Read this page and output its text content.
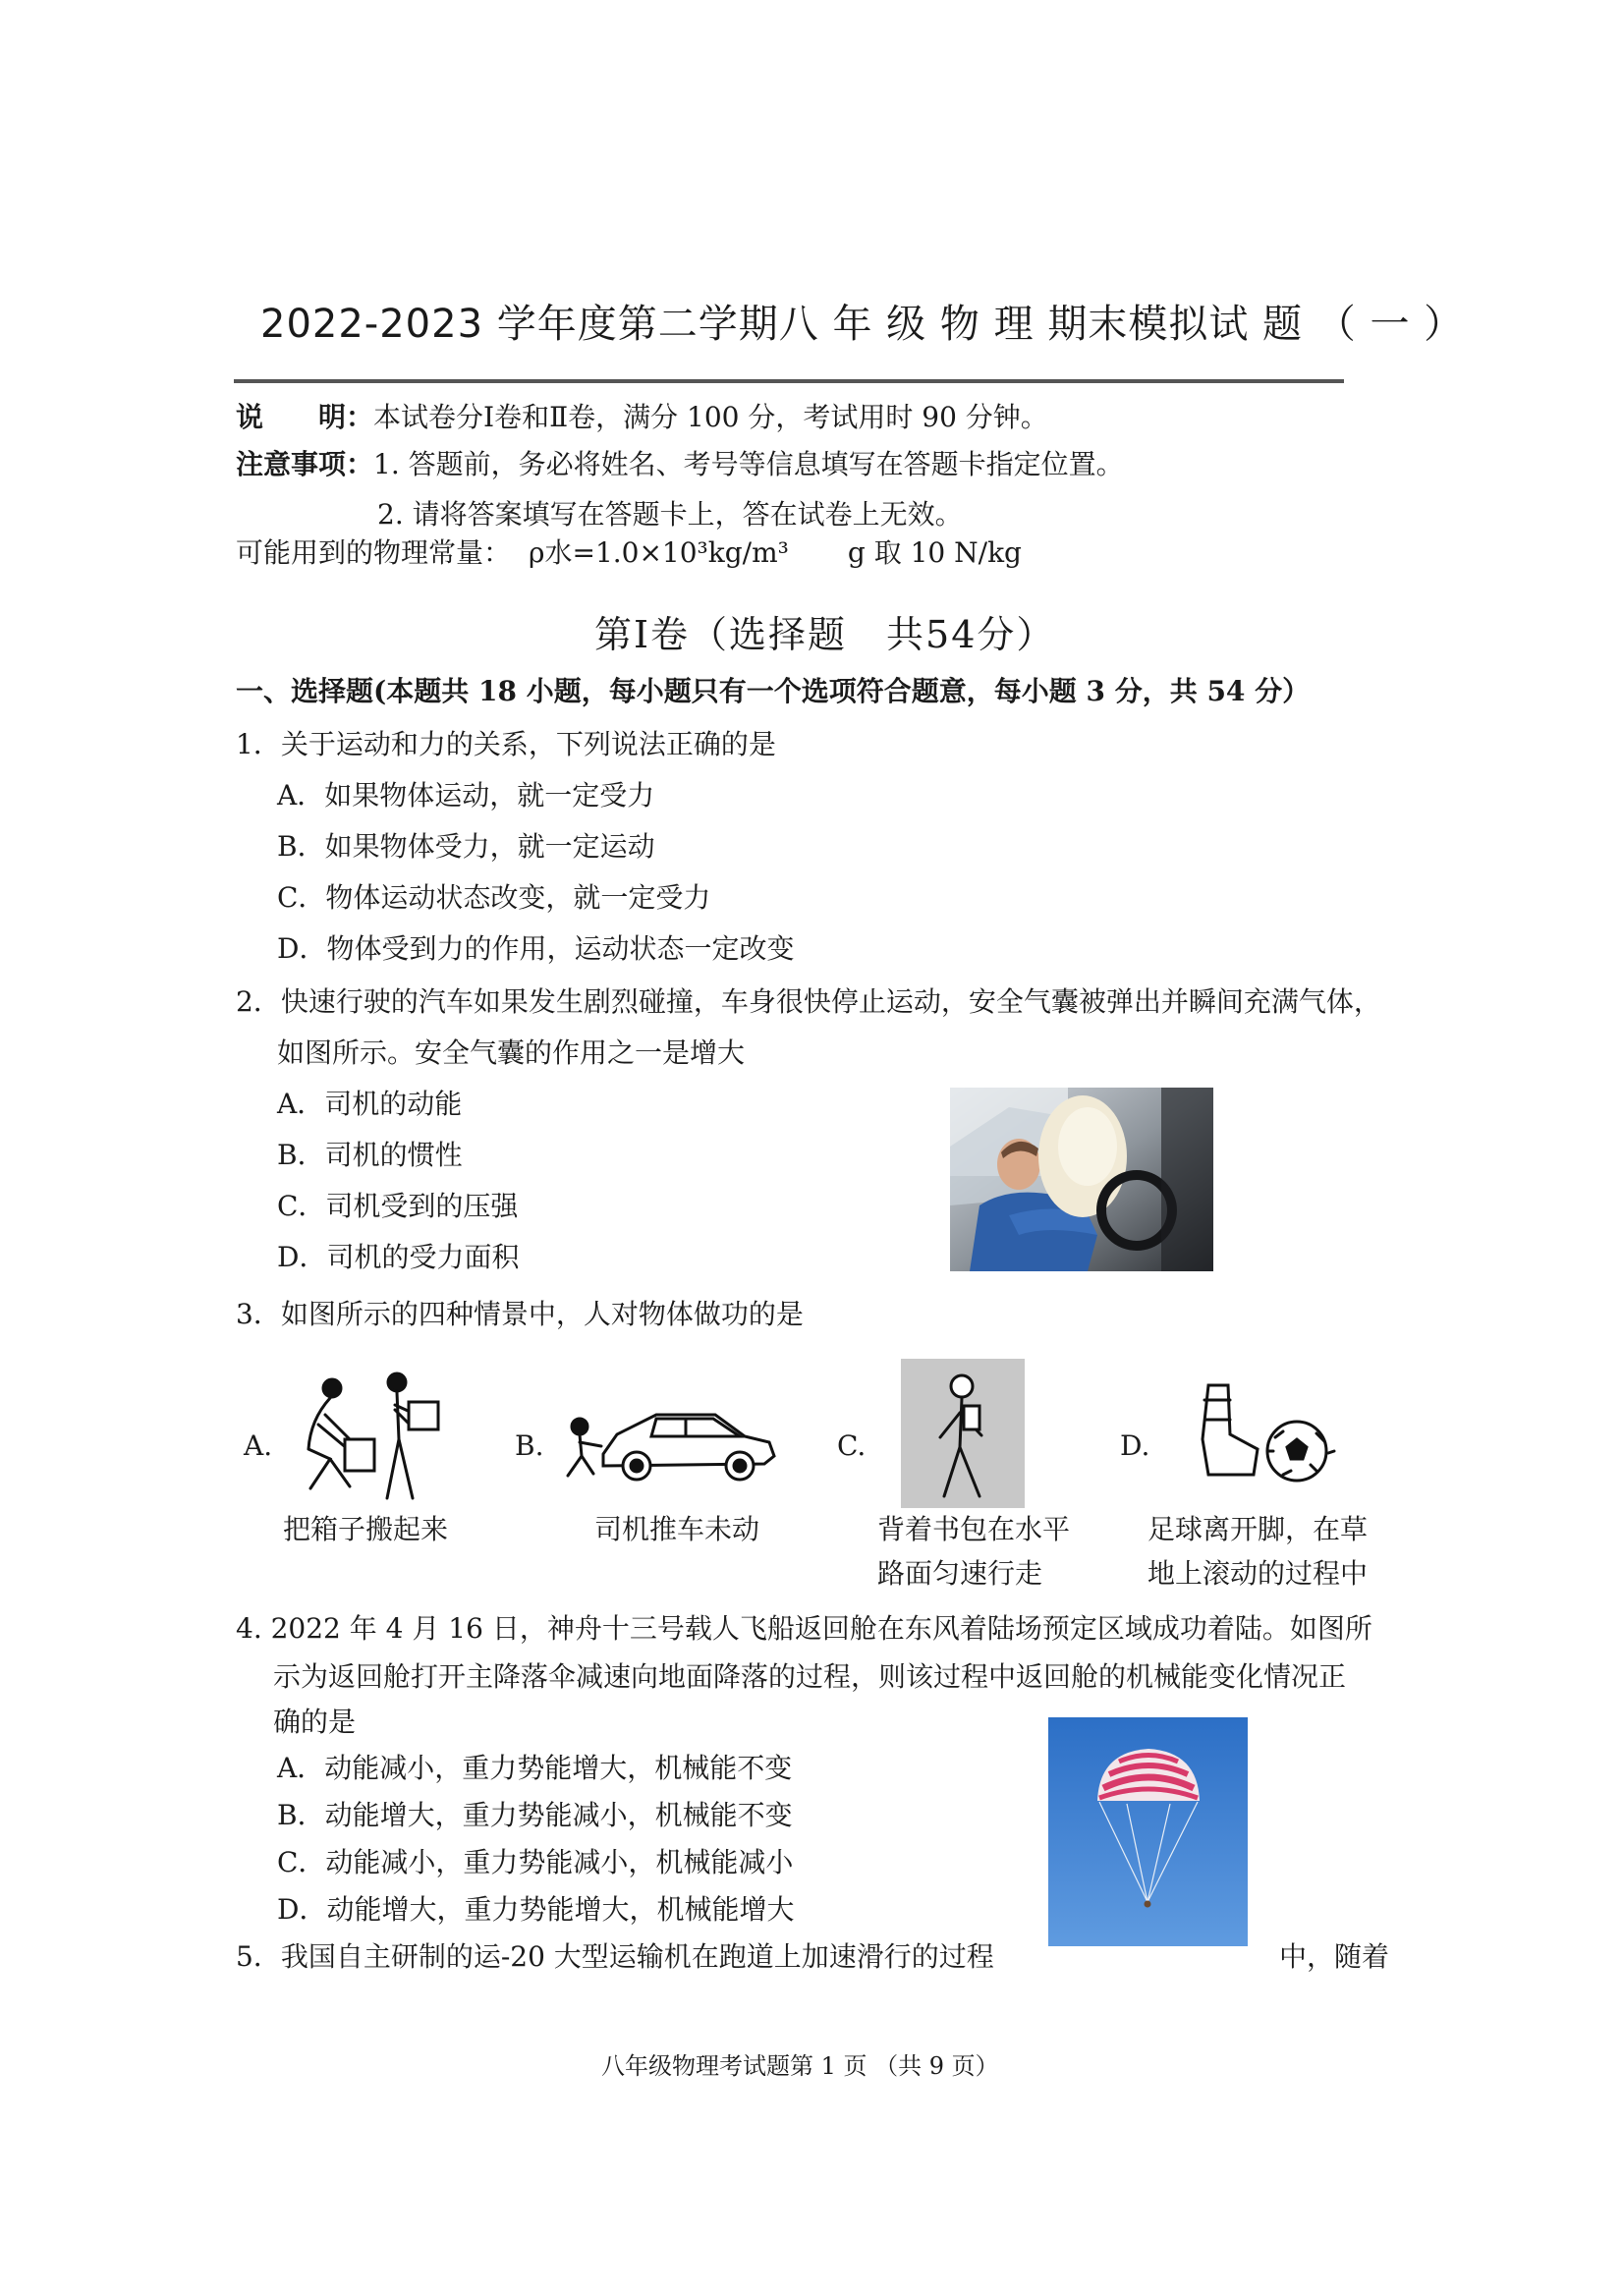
2022-2023 学年度第二学期八 年 级 物 理 期末模拟试 题 （ 一 ）
说　　明：本试卷分Ⅰ卷和Ⅱ卷，满分 100 分，考试用时 90 分钟。
注意事项：1. 答题前，务必将姓名、考号等信息填写在答题卡指定位置。
2. 请将答案填写在答题卡上，答在试卷上无效。
可能用到的物理常量： ρ水=1.0×10³kg/m³ g 取 10 N/kg
第Ⅰ卷（选择题　共54分）
一、选择题(本题共 18 小题，每小题只有一个选项符合题意，每小题 3 分，共 54 分）
1．关于运动和力的关系，下列说法正确的是
A．如果物体运动，就一定受力
B．如果物体受力，就一定运动
C．物体运动状态改变，就一定受力
D．物体受到力的作用，运动状态一定改变
2．快速行驶的汽车如果发生剧烈碰撞，车身很快停止运动，安全气囊被弹出并瞬间充满气体，
如图所示。安全气囊的作用之一是增大
A．司机的动能
B．司机的惯性
C．司机受到的压强
D．司机的受力面积
3．如图所示的四种情景中，人对物体做功的是
A.
把箱子搬起来
B.
司机推车未动
C.
背着书包在水平
路面匀速行走
D.
足球离开脚，在草
地上滚动的过程中
4. 2022 年 4 月 16 日，神舟十三号载人飞船返回舱在东风着陆场预定区域成功着陆。如图所
示为返回舱打开主降落伞减速向地面降落的过程，则该过程中返回舱的机械能变化情况正
确的是
A．动能减小，重力势能增大，机械能不变
B．动能增大，重力势能减小，机械能不变
C．动能减小，重力势能减小，机械能减小
D．动能增大，重力势能增大，机械能增大
5．我国自主研制的运-20 大型运输机在跑道上加速滑行的过程	中，随着
八年级物理考试题第 1 页 （共 9 页）
